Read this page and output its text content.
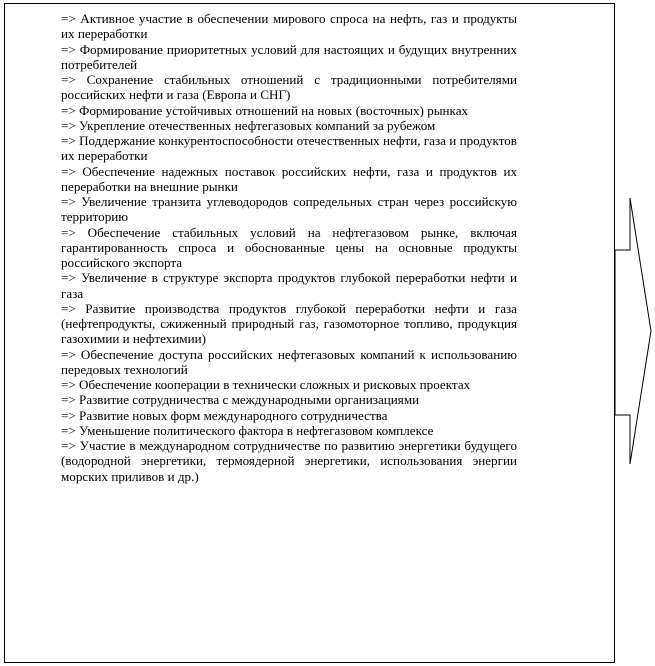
=> Активное участие в обеспечении мирового спроса на нефть, газ и продукты их переработки
=> Формирование приоритетных условий для настоящих и будущих внутренних потребителей
=> Сохранение стабильных отношений с традиционными потребителями российских нефти и газа (Европа и СНГ)
=> Формирование устойчивых отношений на новых (восточных) рынках
=> Укрепление отечественных нефтегазовых компаний за рубежом
=> Поддержание конкурентоспособности отечественных нефти, газа и продуктов их переработки
=> Обеспечение надежных поставок российских нефти, газа и продуктов их переработки на внешние рынки
=> Увеличение транзита углеводородов сопредельных стран через российскую территорию
=> Обеспечение стабильных условий на нефтегазовом рынке, включая гарантированность спроса и обоснованные цены на основные продукты российского экспорта
=> Увеличение в структуре экспорта продуктов глубокой переработки нефти и газа
=> Развитие производства продуктов глубокой переработки нефти и газа (нефтепродукты, сжиженный природный газ, газомоторное топливо, продукция газохимии и нефтехимии)
=> Обеспечение доступа российских нефтегазовых компаний к использованию передовых технологий
=> Обеспечение кооперации в технически сложных и рисковых проектах
=> Развитие сотрудничества с международными организациями
=> Развитие новых форм международного сотрудничества
=> Уменьшение политического фактора в нефтегазовом комплексе
=> Участие в международном сотрудничестве по развитию энергетики будущего (водородной энергетики, термоядерной энергетики, использования энергии морских приливов и др.)
